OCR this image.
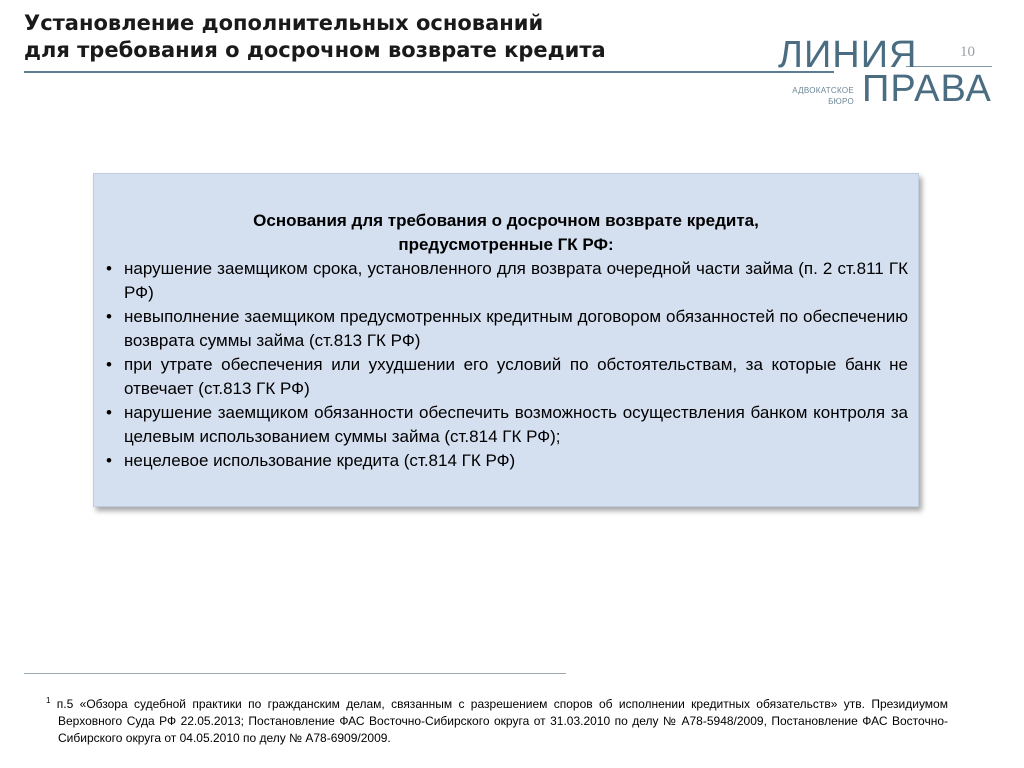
Установление дополнительных оснований
для требования о досрочном возврате кредита	10
ЛИНИЯ
АДВОКАТСКОЕ
БЮРО ПРАВА

Основания для требования о досрочном возврате кредита,
предусмотренные ГК РФ:

• нарушение заемщиком срока, установленного для возврата очередной части займа (п. 2 ст.811 ГК РФ)
• невыполнение заемщиком предусмотренных кредитным договором обязанностей по обеспечению возврата суммы займа (ст.813 ГК РФ)
• при утрате обеспечения или ухудшении его условий по обстоятельствам, за которые банк не отвечает (ст.813 ГК РФ)
• нарушение заемщиком обязанности обеспечить возможность осуществления банком контроля за целевым использованием суммы займа (ст.814 ГК РФ);
• нецелевое использование кредита (ст.814 ГК РФ)

$^1$ п.5 «Обзора судебной практики по гражданским делам, связанным с разрешением споров об исполнении кредитных обязательств» утв. Президиумом Верховного Суда РФ 22.05.2013; Постановление ФАС Восточно-Сибирского округа от 31.03.2010 по делу № А78-5948/2009, Постановление ФАС Восточно-Сибирского округа от 04.05.2010 по делу № А78-6909/2009.
